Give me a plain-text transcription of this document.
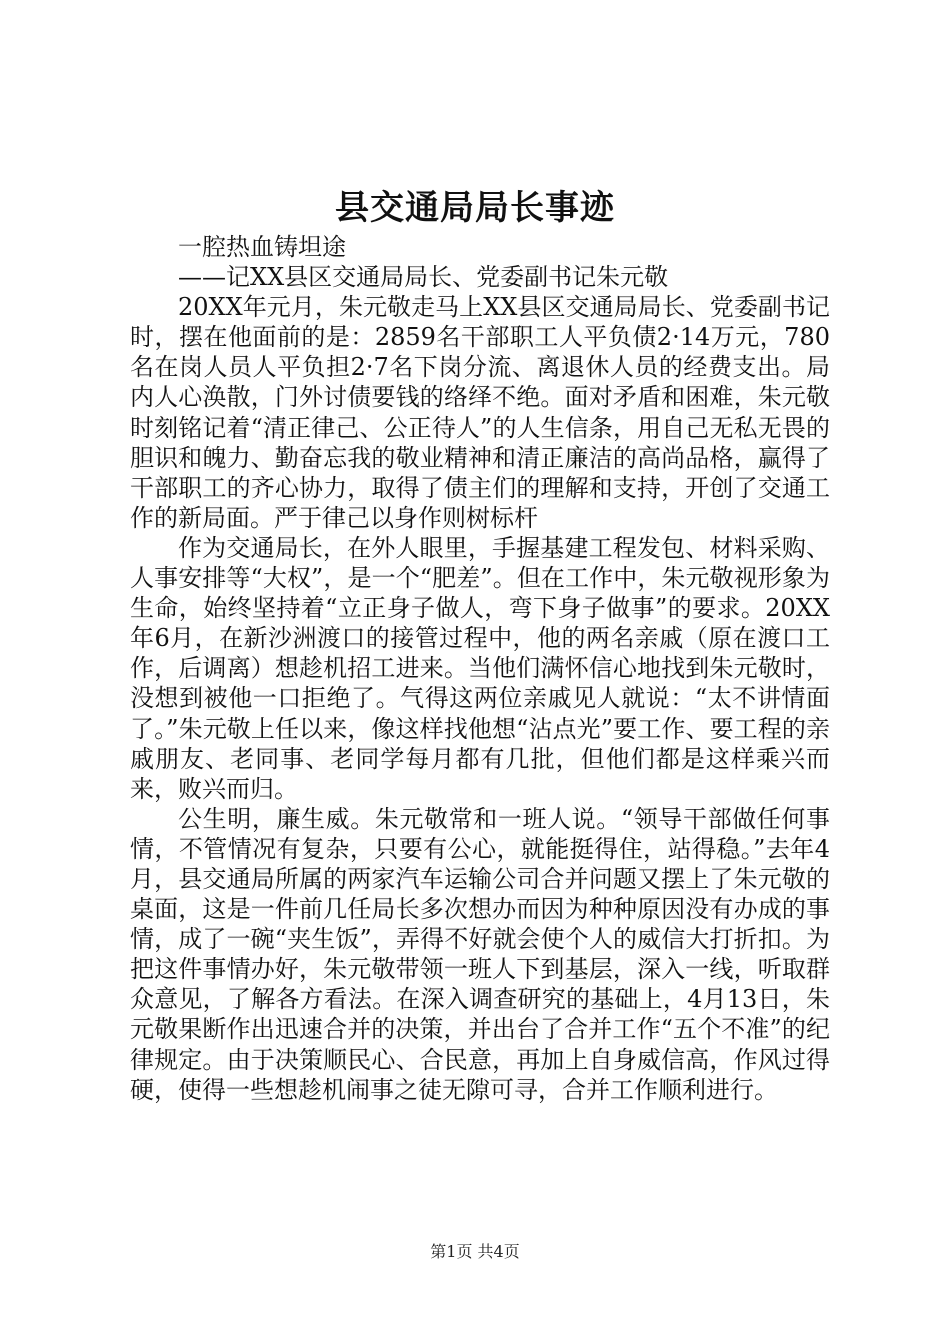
县交通局局长事迹

一腔热血铸坦途

——记XX县区交通局局长、党委副书记朱元敬

20XX年元月，朱元敬走马上XX县区交通局局长、党委副书记时，摆在他面前的是：2859名干部职工人平负债2·14万元，780名在岗人员人平负担2·7名下岗分流、离退休人员的经费支出。局内人心涣散，门外讨债要钱的络绎不绝。面对矛盾和困难，朱元敬时刻铭记着“清正律己、公正待人”的人生信条，用自己无私无畏的胆识和魄力、勤奋忘我的敬业精神和清正廉洁的高尚品格，赢得了干部职工的齐心协力，取得了债主们的理解和支持，开创了交通工作的新局面。严于律己以身作则树标杆

作为交通局长，在外人眼里，手握基建工程发包、材料采购、人事安排等“大权”，是一个“肥差”。但在工作中，朱元敬视形象为生命，始终坚持着“立正身子做人，弯下身子做事”的要求。20XX年6月，在新沙洲渡口的接管过程中，他的两名亲戚（原在渡口工作，后调离）想趁机招工进来。当他们满怀信心地找到朱元敬时，没想到被他一口拒绝了。气得这两位亲戚见人就说：“太不讲情面了。”朱元敬上任以来，像这样找他想“沾点光”要工作、要工程的亲戚朋友、老同事、老同学每月都有几批，但他们都是这样乘兴而来，败兴而归。

公生明，廉生威。朱元敬常和一班人说。“领导干部做任何事情，不管情况有复杂，只要有公心，就能挺得住，站得稳。”去年4月，县交通局所属的两家汽车运输公司合并问题又摆上了朱元敬的桌面，这是一件前几任局长多次想办而因为种种原因没有办成的事情，成了一碗“夹生饭”，弄得不好就会使个人的威信大打折扣。为把这件事情办好，朱元敬带领一班人下到基层，深入一线，听取群众意见，了解各方看法。在深入调查研究的基础上，4月13日，朱元敬果断作出迅速合并的决策，并出台了合并工作“五个不准”的纪律规定。由于决策顺民心、合民意，再加上自身威信高，作风过得硬，使得一些想趁机闹事之徒无隙可寻，合并工作顺利进行。

第1页 共4页
